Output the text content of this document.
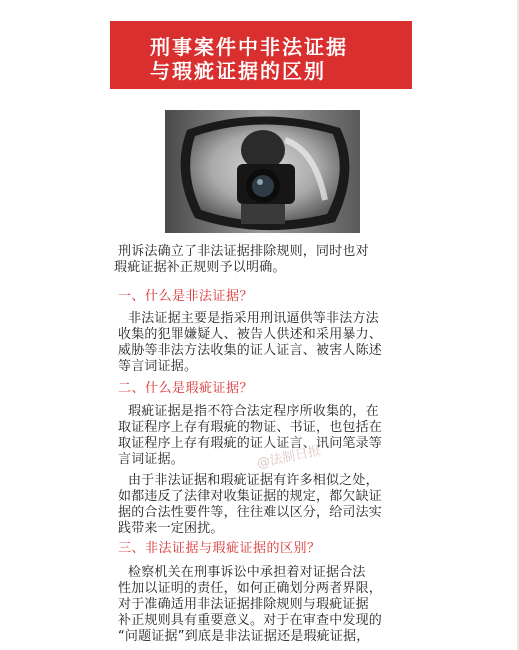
刑事案件中非法证据
与瑕疵证据的区别

刑诉法确立了非法证据排除规则，同时也对
瑕疵证据补正规则予以明确。

一、什么是非法证据？

非法证据主要是指采用刑讯逼供等非法方法
收集的犯罪嫌疑人、被告人供述和采用暴力、
威胁等非法方法收集的证人证言、被害人陈述
等言词证据。

二、什么是瑕疵证据？

瑕疵证据是指不符合法定程序所收集的，在
取证程序上存有瑕疵的物证、书证，也包括在
取证程序上存有瑕疵的证人证言、讯问笔录等
言词证据。	@法制日报

由于非法证据和瑕疵证据有许多相似之处，
如都违反了法律对收集证据的规定，都欠缺证
据的合法性要件等，往往难以区分，给司法实
践带来一定困扰。

三、非法证据与瑕疵证据的区别？

检察机关在刑事诉讼中承担着对证据合法
性加以证明的责任，如何正确划分两者界限，
对于准确适用非法证据排除规则与瑕疵证据
补正规则具有重要意义。对于在审查中发现的
“问题证据”到底是非法证据还是瑕疵证据，
